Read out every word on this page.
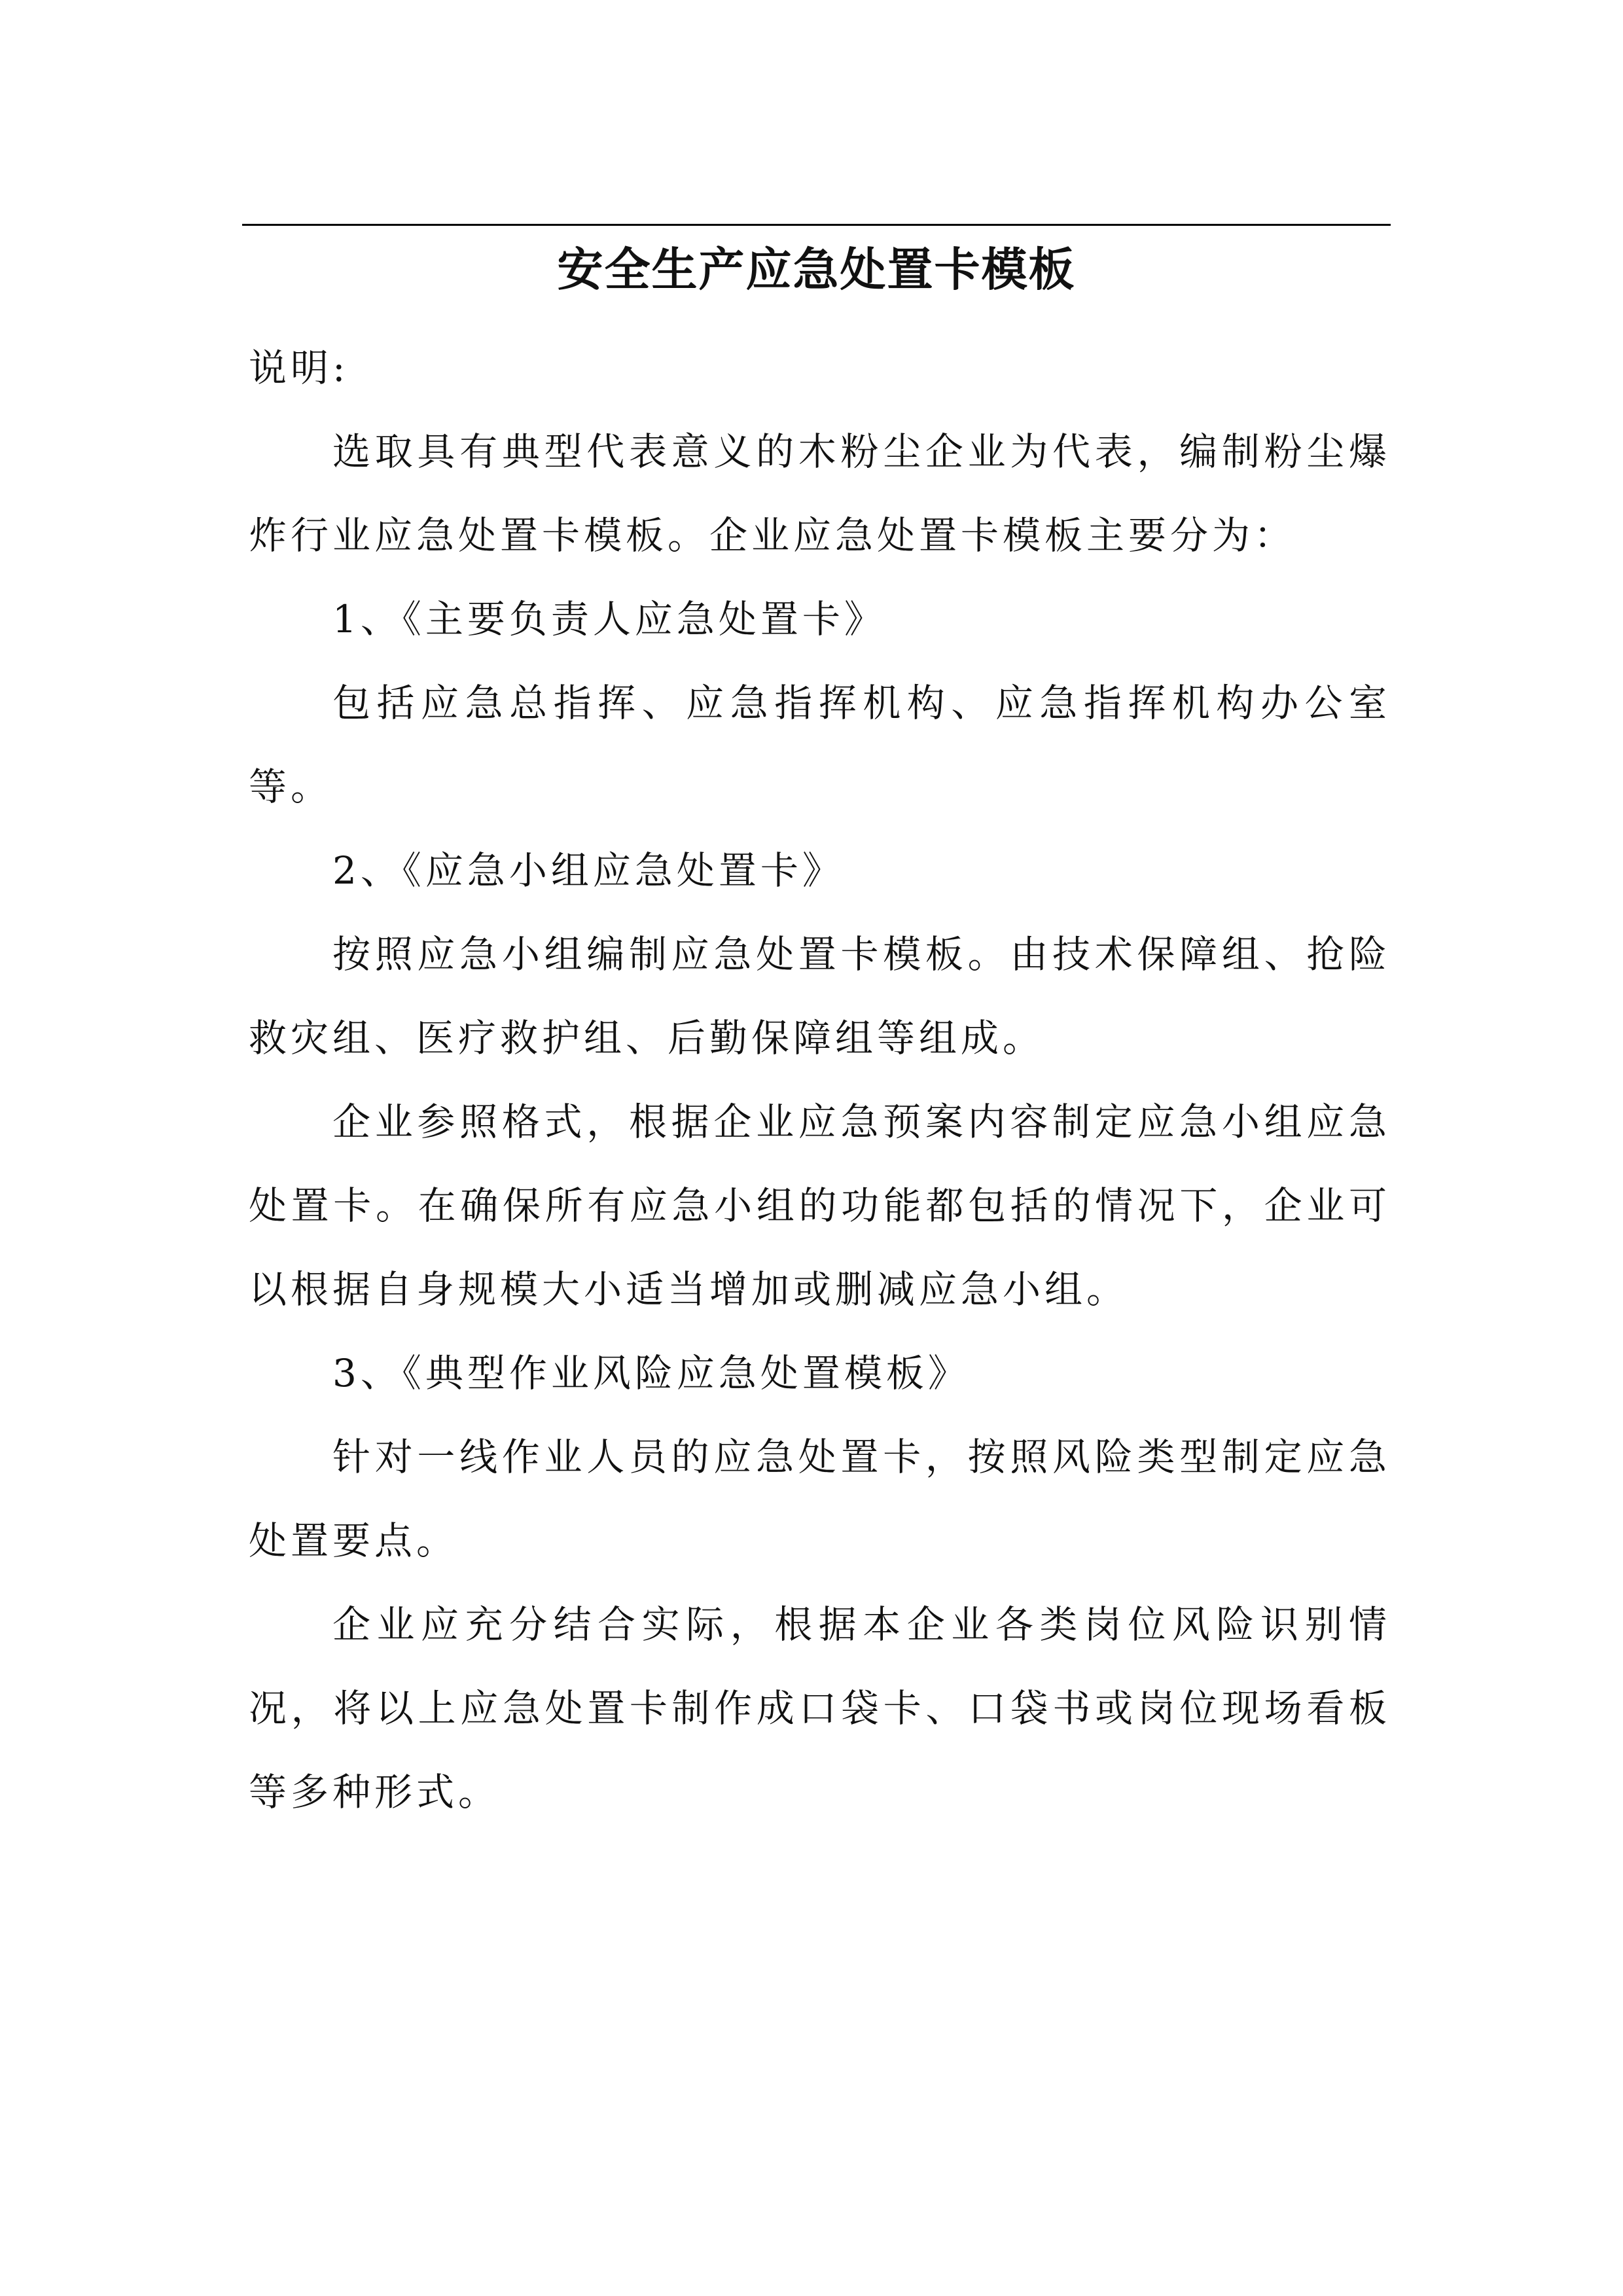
安全生产应急处置卡模板

说明:

选取具有典型代表意义的木粉尘企业为代表，编制粉尘爆炸行业应急处置卡模板。企业应急处置卡模板主要分为：

1、《主要负责人应急处置卡》

包括应急总指挥、应急指挥机构、应急指挥机构办公室等。

2、《应急小组应急处置卡》

按照应急小组编制应急处置卡模板。由技术保障组、抢险救灾组、医疗救护组、后勤保障组等组成。

企业参照格式，根据企业应急预案内容制定应急小组应急处置卡。在确保所有应急小组的功能都包括的情况下，企业可以根据自身规模大小适当增加或删减应急小组。

3、《典型作业风险应急处置模板》

针对一线作业人员的应急处置卡，按照风险类型制定应急处置要点。

企业应充分结合实际，根据本企业各类岗位风险识别情况，将以上应急处置卡制作成口袋卡、口袋书或岗位现场看板等多种形式。
